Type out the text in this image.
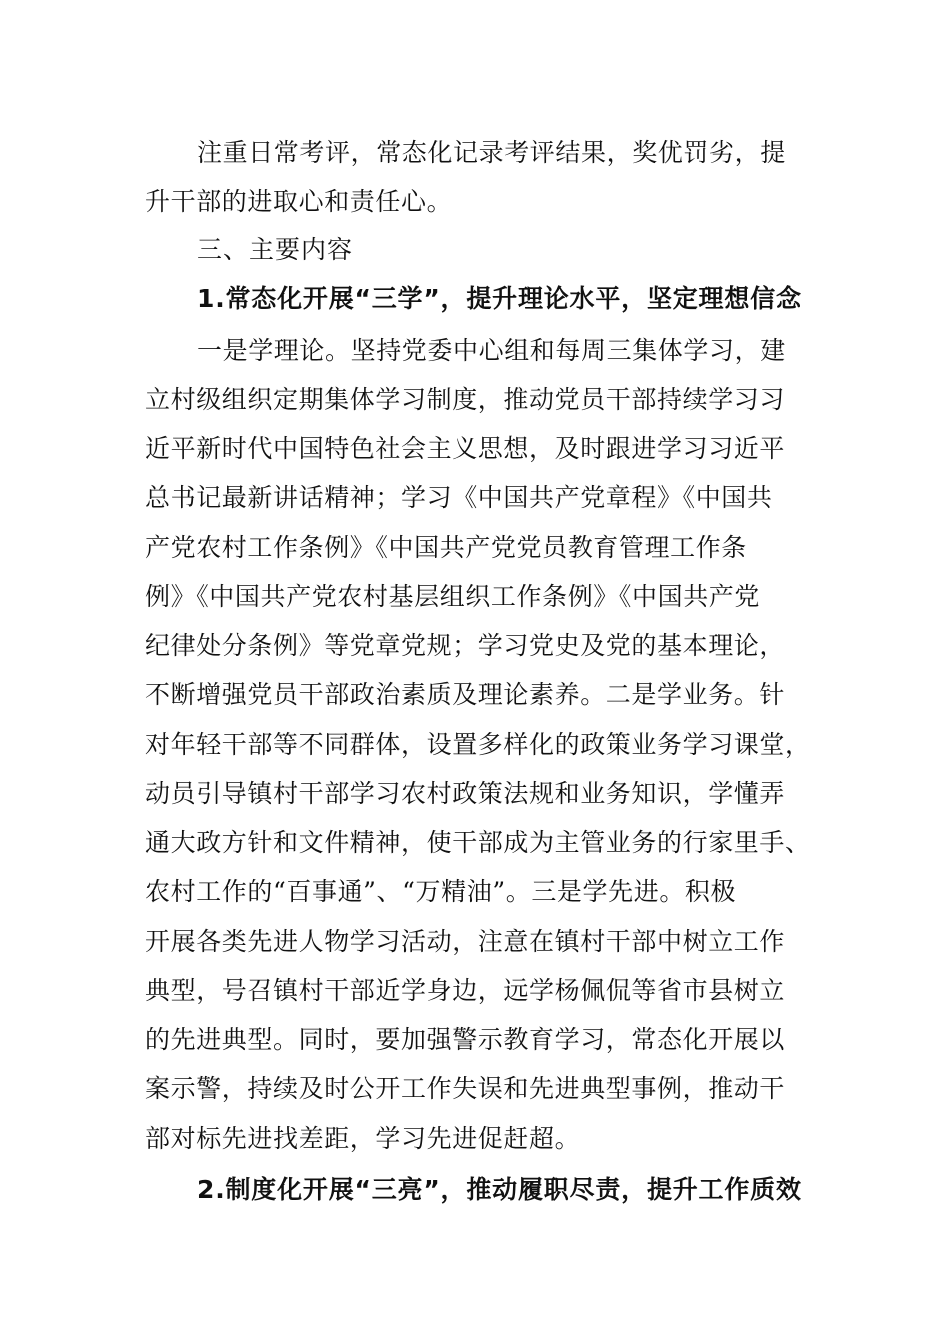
注重日常考评，常态化记录考评结果，奖优罚劣，提
升干部的进取心和责任心。
三、主要内容
1.常态化开展“三学”，提升理论水平，坚定理想信念
一是学理论。坚持党委中心组和每周三集体学习，建
立村级组织定期集体学习制度，推动党员干部持续学习习
近平新时代中国特色社会主义思想，及时跟进学习习近平
总书记最新讲话精神；学习《中国共产党章程》《中国共
产党农村工作条例》《中国共产党党员教育管理工作条
例》《中国共产党农村基层组织工作条例》《中国共产党
纪律处分条例》等党章党规；学习党史及党的基本理论，
不断增强党员干部政治素质及理论素养。二是学业务。针
对年轻干部等不同群体，设置多样化的政策业务学习课堂，
动员引导镇村干部学习农村政策法规和业务知识，学懂弄
通大政方针和文件精神，使干部成为主管业务的行家里手、
农村工作的“百事通”、“万精油”。三是学先进。积极
开展各类先进人物学习活动，注意在镇村干部中树立工作
典型，号召镇村干部近学身边，远学杨佩侃等省市县树立
的先进典型。同时，要加强警示教育学习，常态化开展以
案示警，持续及时公开工作失误和先进典型事例，推动干
部对标先进找差距，学习先进促赶超。
2.制度化开展“三亮”，推动履职尽责，提升工作质效
